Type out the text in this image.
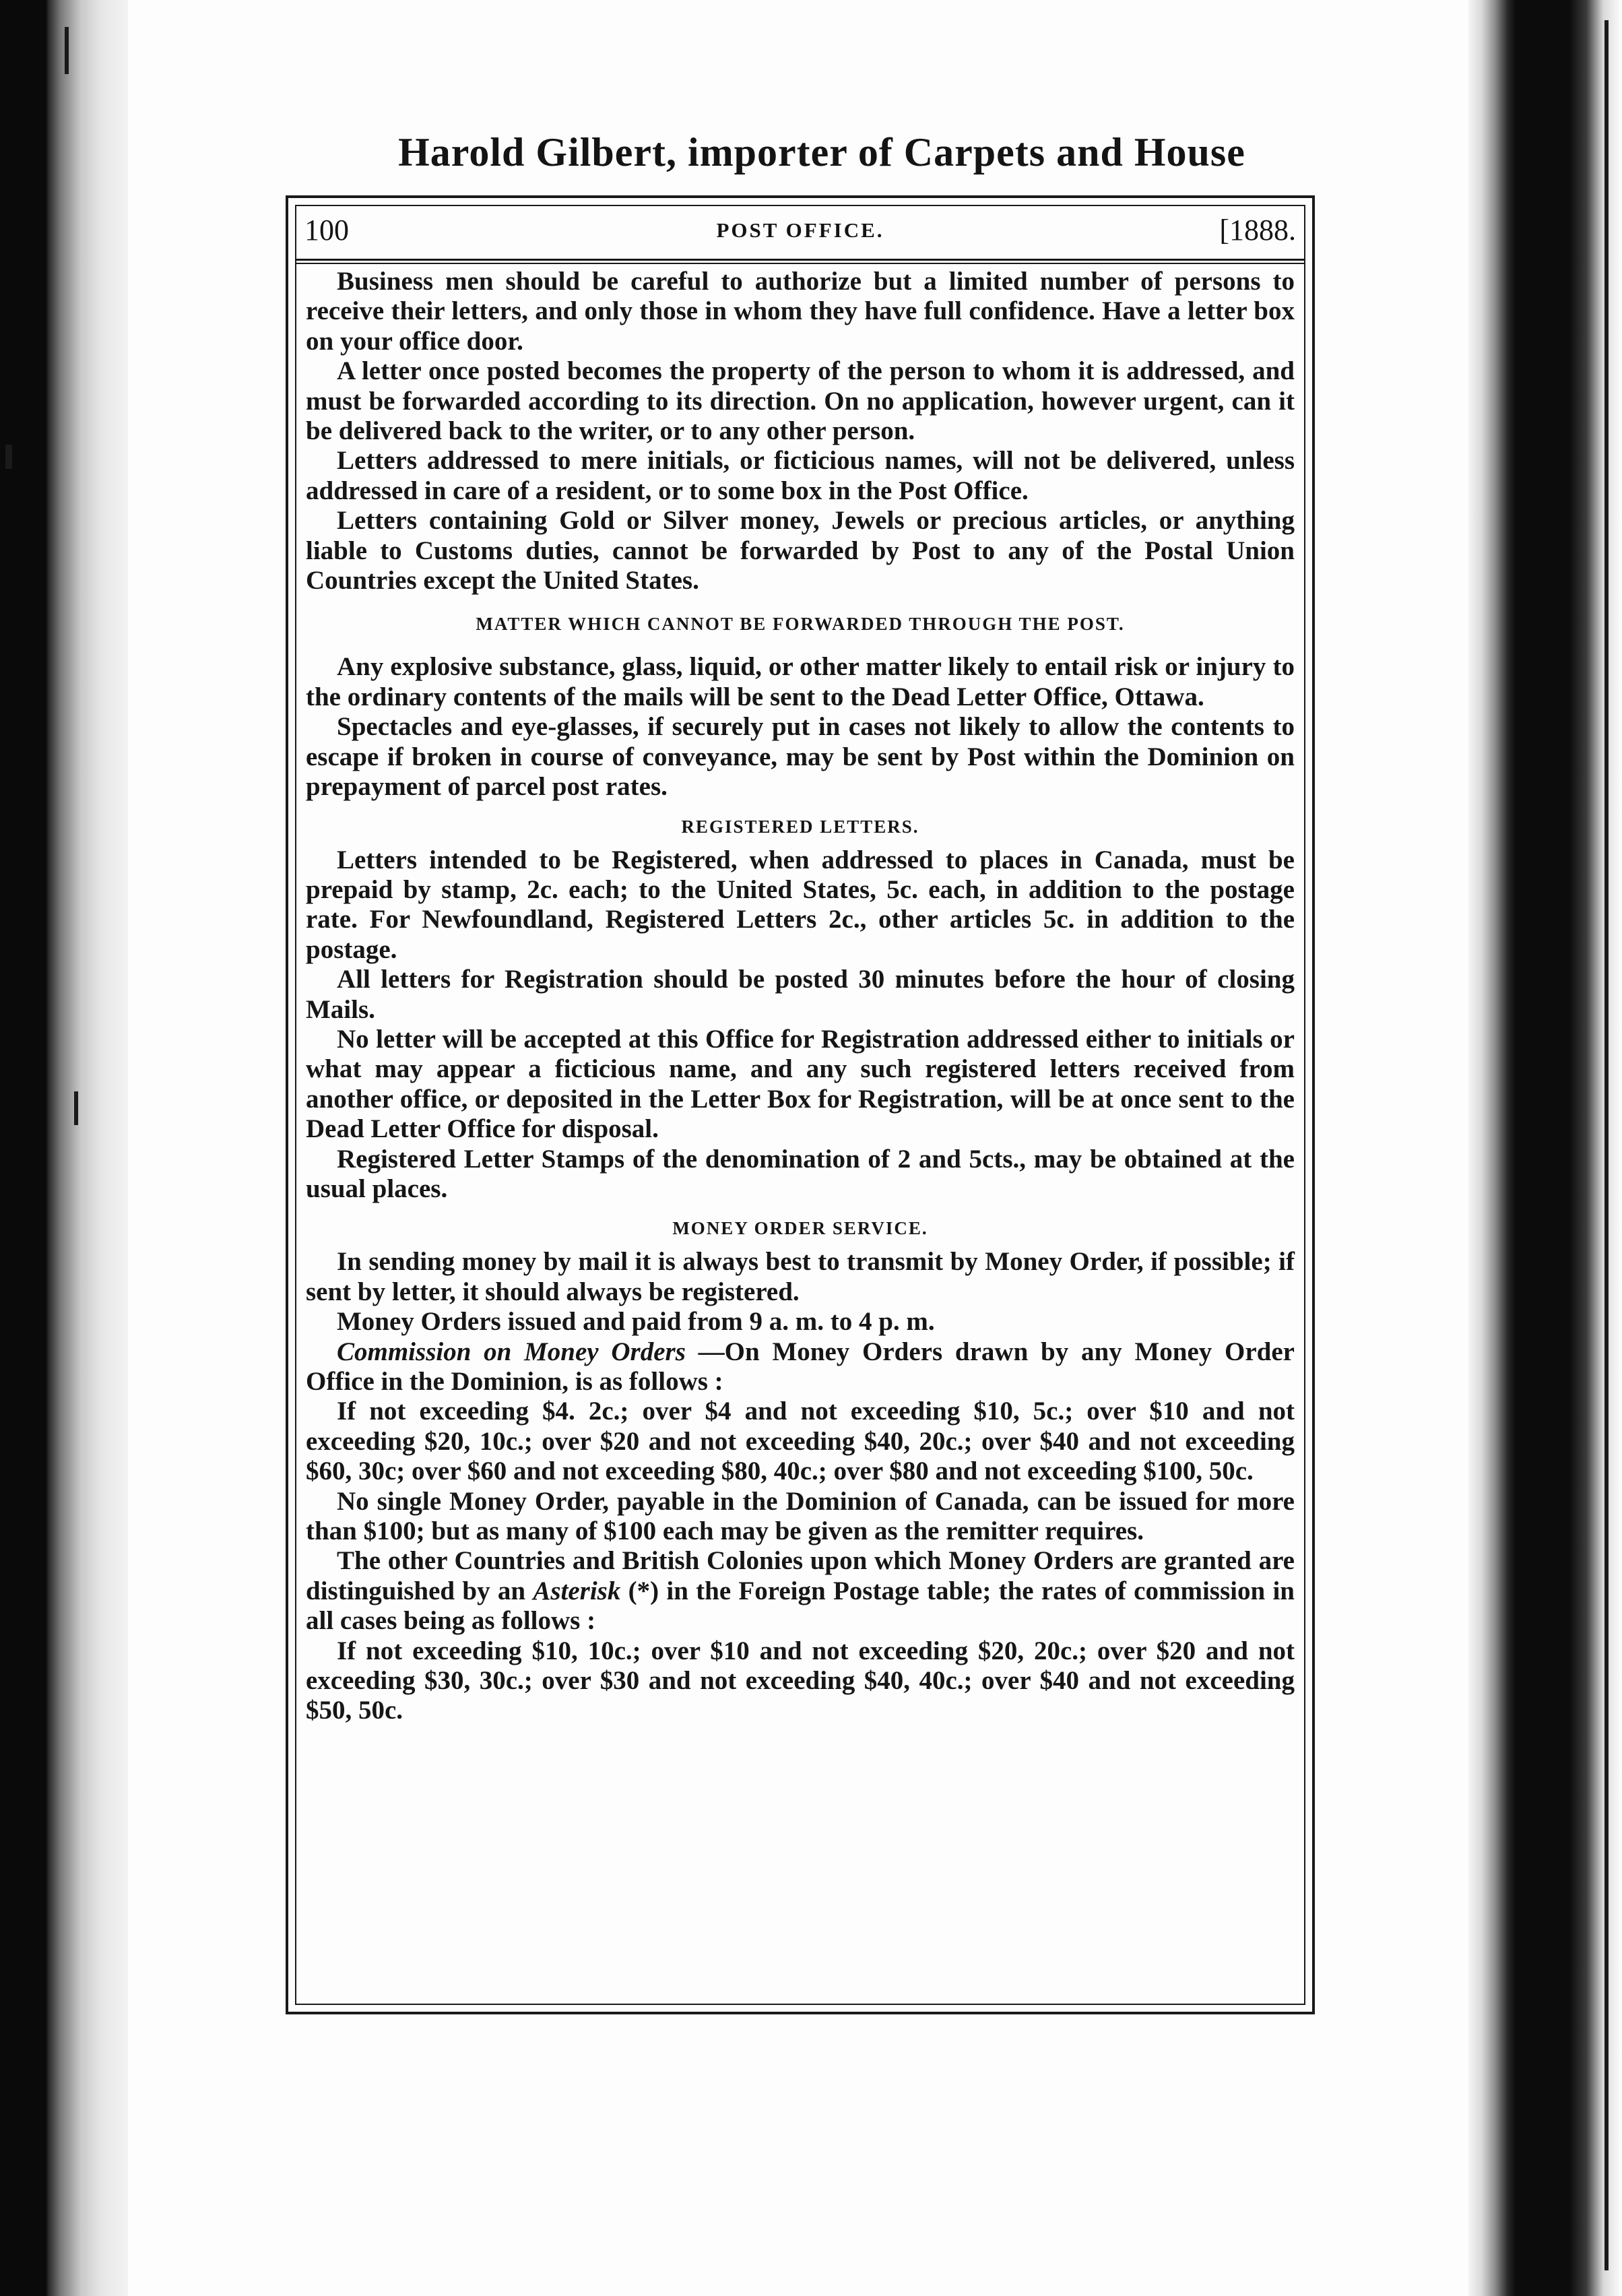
Harold Gilbert, importer of Carpets and House
100	POST OFFICE.	[1888.

Business men should be careful to authorize but a limited number of persons to receive their letters, and only those in whom they have full confidence. Have a letter box on your office door.

A letter once posted becomes the property of the person to whom it is addressed, and must be forwarded according to its direction. On no application, however urgent, can it be delivered back to the writer, or to any other person.

Letters addressed to mere initials, or ficticious names, will not be delivered, unless addressed in care of a resident, or to some box in the Post Office.

Letters containing Gold or Silver money, Jewels or precious articles, or anything liable to Customs duties, cannot be forwarded by Post to any of the Postal Union Countries except the United States.

MATTER WHICH CANNOT BE FORWARDED THROUGH THE POST.

Any explosive substance, glass, liquid, or other matter likely to entail risk or injury to the ordinary contents of the mails will be sent to the Dead Letter Office, Ottawa.

Spectacles and eye-glasses, if securely put in cases not likely to allow the contents to escape if broken in course of conveyance, may be sent by Post within the Dominion on prepayment of parcel post rates.

REGISTERED LETTERS.

Letters intended to be Registered, when addressed to places in Canada, must be prepaid by stamp, 2c. each; to the United States, 5c. each, in addition to the postage rate. For Newfoundland, Registered Letters 2c., other articles 5c. in addition to the postage.

All letters for Registration should be posted 30 minutes before the hour of closing Mails.

No letter will be accepted at this Office for Registration addressed either to initials or what may appear a ficticious name, and any such registered letters received from another office, or deposited in the Letter Box for Registration, will be at once sent to the Dead Letter Office for disposal.

Registered Letter Stamps of the denomination of 2 and 5cts., may be obtained at the usual places.

MONEY ORDER SERVICE.

In sending money by mail it is always best to transmit by Money Order, if possible; if sent by letter, it should always be registered.

Money Orders issued and paid from 9 a. m. to 4 p. m.

Commission on Money Orders —On Money Orders drawn by any Money Order Office in the Dominion, is as follows :

If not exceeding $4. 2c.; over $4 and not exceeding $10, 5c.; over $10 and not exceeding $20, 10c.; over $20 and not exceeding $40, 20c.; over $40 and not exceeding $60, 30c; over $60 and not exceeding $80, 40c.; over $80 and not exceeding $100, 50c.

No single Money Order, payable in the Dominion of Canada, can be issued for more than $100; but as many of $100 each may be given as the remitter requires.

The other Countries and British Colonies upon which Money Orders are granted are distinguished by an Asterisk (*) in the Foreign Postage table; the rates of commission in all cases being as follows :

If not exceeding $10, 10c.; over $10 and not exceeding $20, 20c.; over $20 and not exceeding $30, 30c.; over $30 and not exceeding $40, 40c.; over $40 and not exceeding $50, 50c.
